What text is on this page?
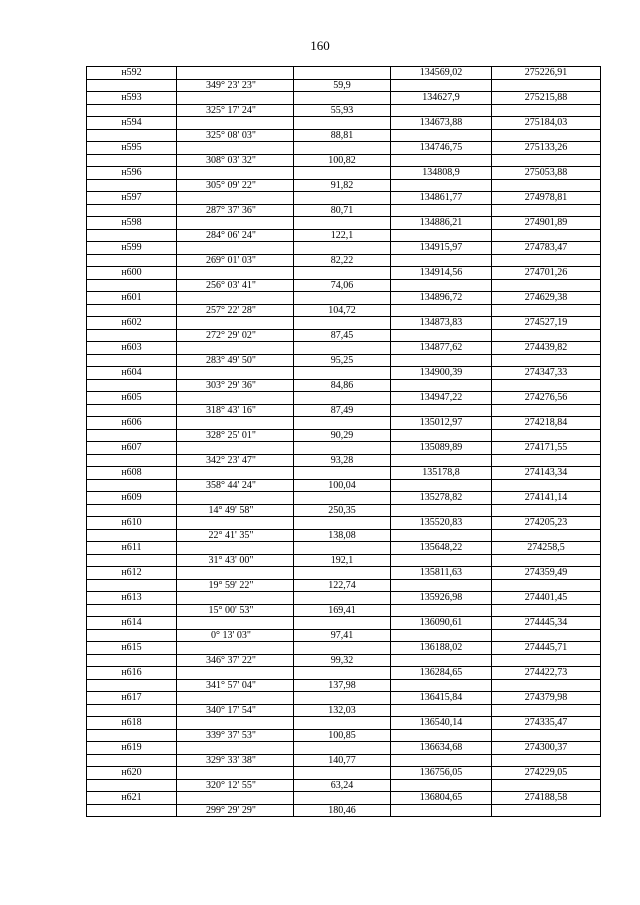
160
н592			134569,02	275226,91
	349° 23' 23"	59,9		
н593			134627,9	275215,88
	325° 17' 24"	55,93		
н594			134673,88	275184,03
	325° 08' 03"	88,81		
н595			134746,75	275133,26
	308° 03' 32"	100,82		
н596			134808,9	275053,88
	305° 09' 22"	91,82		
н597			134861,77	274978,81
	287° 37' 36"	80,71		
н598			134886,21	274901,89
	284° 06' 24"	122,1		
н599			134915,97	274783,47
	269° 01' 03"	82,22		
н600			134914,56	274701,26
	256° 03' 41"	74,06		
н601			134896,72	274629,38
	257° 22' 28"	104,72		
н602			134873,83	274527,19
	272° 29' 02"	87,45		
н603			134877,62	274439,82
	283° 49' 50"	95,25		
н604			134900,39	274347,33
	303° 29' 36"	84,86		
н605			134947,22	274276,56
	318° 43' 16"	87,49		
н606			135012,97	274218,84
	328° 25' 01"	90,29		
н607			135089,89	274171,55
	342° 23' 47"	93,28		
н608			135178,8	274143,34
	358° 44' 24"	100,04		
н609			135278,82	274141,14
	14° 49' 58"	250,35		
н610			135520,83	274205,23
	22° 41' 35"	138,08		
н611			135648,22	274258,5
	31° 43' 00"	192,1		
н612			135811,63	274359,49
	19° 59' 22"	122,74		
н613			135926,98	274401,45
	15° 00' 53"	169,41		
н614			136090,61	274445,34
	0° 13' 03"	97,41		
н615			136188,02	274445,71
	346° 37' 22"	99,32		
н616			136284,65	274422,73
	341° 57' 04"	137,98		
н617			136415,84	274379,98
	340° 17' 54"	132,03		
н618			136540,14	274335,47
	339° 37' 53"	100,85		
н619			136634,68	274300,37
	329° 33' 38"	140,77		
н620			136756,05	274229,05
	320° 12' 55"	63,24		
н621			136804,65	274188,58
	299° 29' 29"	180,46		
